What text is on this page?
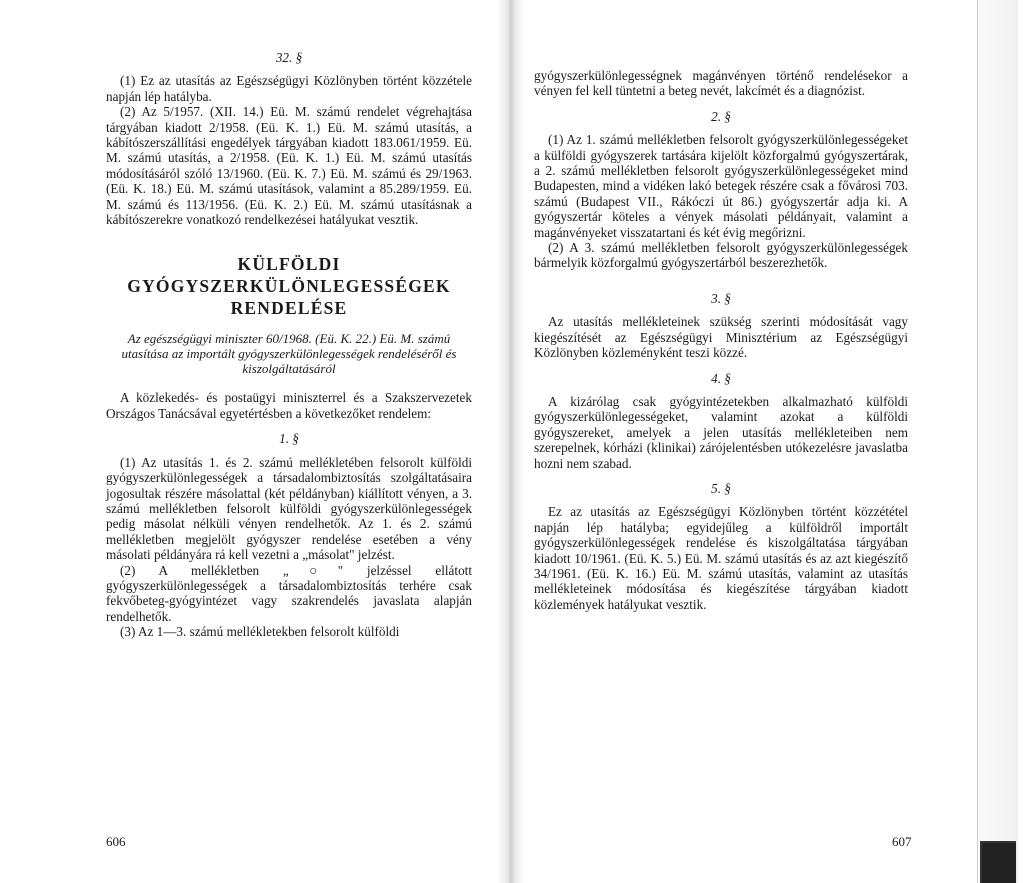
32. §

(1) Ez az utasítás az Egészségügyi Közlönyben történt közzétele napján lép hatályba.

(2) Az 5/1957. (XII. 14.) Eü. M. számú rendelet végrehajtása tárgyában kiadott 2/1958. (Eü. K. 1.) Eü. M. számú utasítás, a kábítószerszállítási engedélyek tárgyában kiadott 183.061/1959. Eü. M. számú utasítás, a 2/1958. (Eü. K. 1.) Eü. M. számú utasítás módosításáról szóló 13/1960. (Eü. K. 7.) Eü. M. számú és 29/1963. (Eü. K. 18.) Eü. M. számú utasítások, valamint a 85.289/1959. Eü. M. számú és 113/1956. (Eü. K. 2.) Eü. M. számú utasításnak a kábítószerekre vonatkozó rendelkezései hatályukat vesztik.

KÜLFÖLDI
GYÓGYSZERKÜLÖNLEGESSÉGEK
RENDELÉSE
Az egészségügyi miniszter 60/1968. (Eü. K. 22.) Eü. M. számú utasítása az importált gyógyszerkülönlegességek rendeléséről és kiszolgáltatásáról

A közlekedés- és postaügyi miniszterrel és a Szakszervezetek Országos Tanácsával egyetértésben a következőket rendelem:

1. §

(1) Az utasítás 1. és 2. számú mellékletében felsorolt külföldi gyógyszerkülönlegességek a társadalombiztosítás szolgáltatásaira jogosultak részére másolattal (két példányban) kiállított vényen, a 3. számú mellékletben felsorolt külföldi gyógyszerkülönlegességek pedig másolat nélküli vényen rendelhetők. Az 1. és 2. számú mellékletben megjelölt gyógyszer rendelése esetében a vény másolati példányára rá kell vezetni a „másolat" jelzést.

(2) A mellékletben „○" jelzéssel ellátott gyógyszerkülönlegességek a társadalombiztosítás terhére csak fekvőbeteg-gyógyintézet vagy szakrendelés javaslata alapján rendelhetők.

(3) Az 1—3. számú mellékletekben felsorolt külföldi

606

gyógyszerkülönlegességnek magánvényen történő rendelésekor a vényen fel kell tüntetni a beteg nevét, lakcímét és a diagnózist.

2. §

(1) Az 1. számú mellékletben felsorolt gyógyszerkülönlegességeket a külföldi gyógyszerek tartására kijelölt közforgalmú gyógyszertárak, a 2. számú mellékletben felsorolt gyógyszerkülönlegességeket mind Budapesten, mind a vidéken lakó betegek részére csak a fővárosi 703. számú (Budapest VII., Rákóczi út 86.) gyógyszertár adja ki. A gyógyszertár köteles a vények másolati példányait, valamint a magánvényeket visszatartani és két évig megőrizni.

(2) A 3. számú mellékletben felsorolt gyógyszerkülönlegességek bármelyik közforgalmú gyógyszertárból beszerezhetők.

3. §

Az utasítás mellékleteinek szükség szerinti módosítását vagy kiegészítését az Egészségügyi Minisztérium az Egészségügyi Közlönyben közleményként teszi közzé.

4. §

A kizárólag csak gyógyintézetekben alkalmazható külföldi gyógyszerkülönlegességeket, valamint azokat a külföldi gyógyszereket, amelyek a jelen utasítás mellékleteiben nem szerepelnek, kórházi (klinikai) zárójelentésben utókezelésre javaslatba hozni nem szabad.

5. §

Ez az utasítás az Egészségügyi Közlönyben történt közzététel napján lép hatályba; egyidejűleg a külföldről importált gyógyszerkülönlegességek rendelése és kiszolgáltatása tárgyában kiadott 10/1961. (Eü. K. 5.) Eü. M. számú utasítás és az azt kiegészítő 34/1961. (Eü. K. 16.) Eü. M. számú utasítás, valamint az utasítás mellékleteinek módosítása és kiegészítése tárgyában kiadott közlemények hatályukat vesztik.

607
